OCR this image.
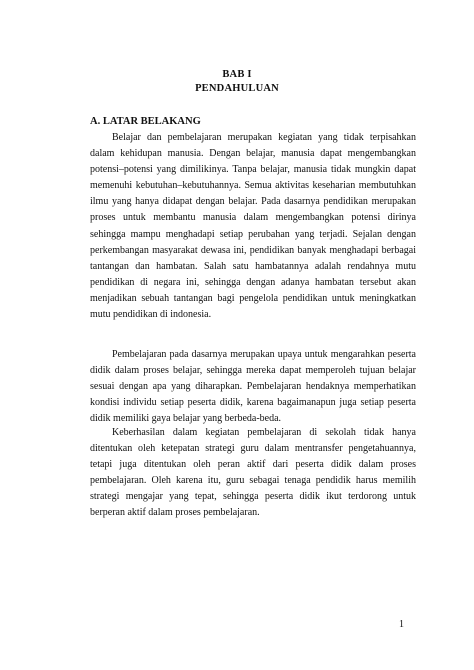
BAB I
PENDAHULUAN
A. LATAR BELAKANG

Belajar dan pembelajaran merupakan kegiatan yang tidak terpisahkan dalam kehidupan manusia. Dengan belajar, manusia dapat mengembangkan potensi–potensi yang dimilikinya. Tanpa belajar, manusia tidak mungkin dapat memenuhi kebutuhan–kebutuhannya. Semua aktivitas keseharian membutuhkan ilmu yang hanya didapat dengan belajar. Pada dasarnya pendidikan merupakan proses untuk membantu manusia dalam mengembangkan potensi dirinya sehingga mampu menghadapi setiap perubahan yang terjadi. Sejalan dengan perkembangan masyarakat dewasa ini, pendidikan banyak menghadapi berbagai tantangan dan hambatan. Salah satu hambatannya adalah rendahnya mutu pendidikan di negara ini, sehingga dengan adanya hambatan tersebut akan menjadikan sebuah tantangan bagi pengelola pendidikan untuk meningkatkan mutu pendidikan di indonesia.

Pembelajaran pada dasarnya merupakan upaya untuk mengarahkan peserta didik dalam proses belajar, sehingga mereka dapat memperoleh tujuan belajar sesuai dengan apa yang diharapkan. Pembelajaran hendaknya memperhatikan kondisi individu setiap peserta didik, karena bagaimanapun juga setiap peserta didik memiliki gaya belajar yang berbeda-beda.

Keberhasilan dalam kegiatan pembelajaran di sekolah tidak hanya ditentukan oleh ketepatan strategi guru dalam mentransfer pengetahuannya, tetapi juga ditentukan oleh peran aktif dari peserta didik dalam proses pembelajaran. Oleh karena itu, guru sebagai tenaga pendidik harus memilih strategi mengajar yang tepat, sehingga peserta didik ikut terdorong untuk berperan aktif dalam proses pembelajaran.

1
